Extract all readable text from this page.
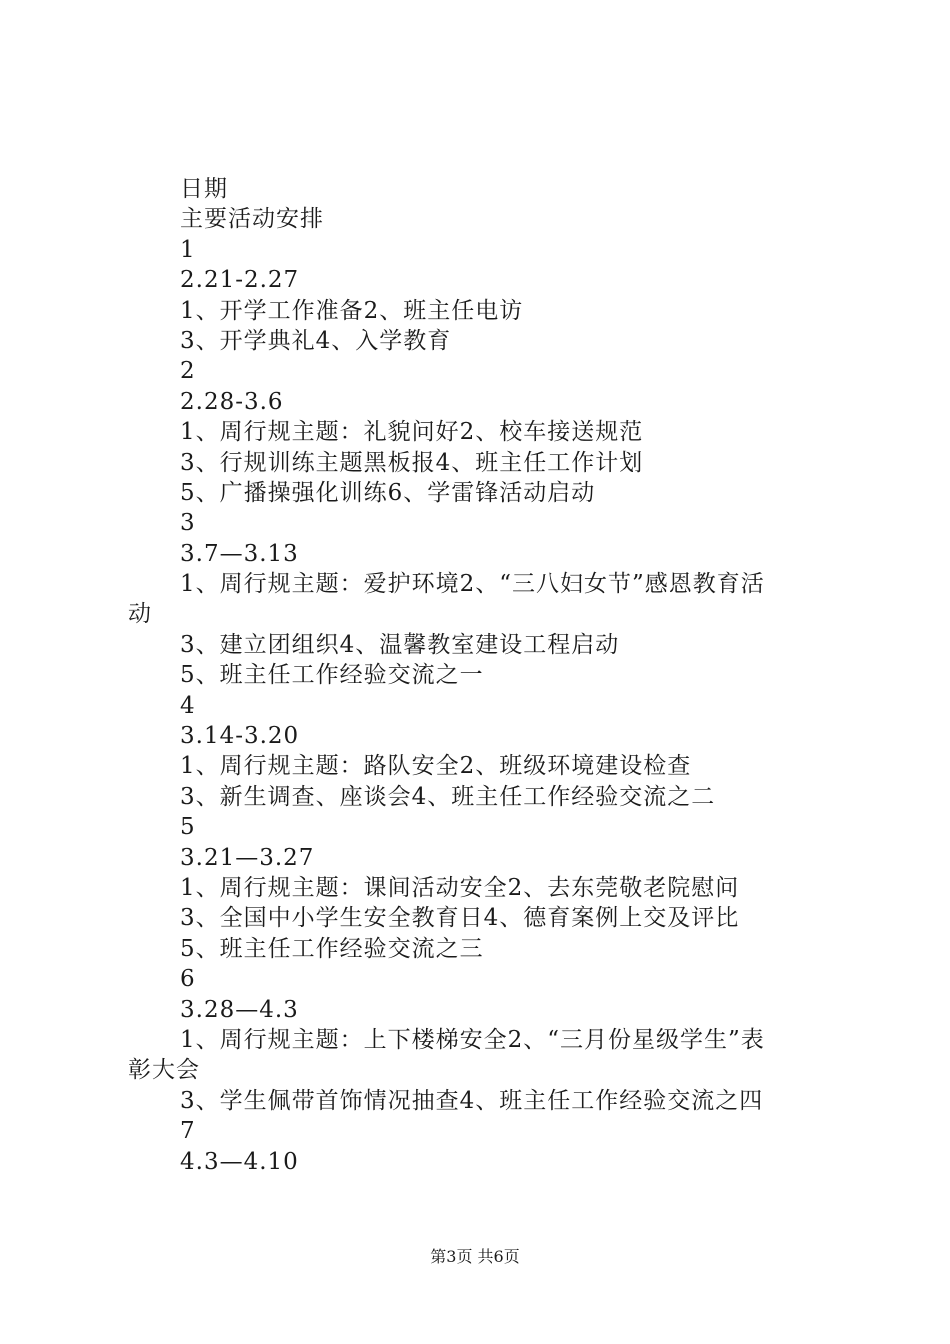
日期
主要活动安排
1
2.21-2.27
1、开学工作准备2、班主任电访
3、开学典礼4、入学教育
2
2.28-3.6
1、周行规主题：礼貌问好2、校车接送规范
3、行规训练主题黑板报4、班主任工作计划
5、广播操强化训练6、学雷锋活动启动
3
3.7—3.13
1、周行规主题：爱护环境2、“三八妇女节”感恩教育活
动
3、建立团组织4、温馨教室建设工程启动
5、班主任工作经验交流之一
4
3.14-3.20
1、周行规主题：路队安全2、班级环境建设检查
3、新生调查、座谈会4、班主任工作经验交流之二
5
3.21—3.27
1、周行规主题：课间活动安全2、去东莞敬老院慰问
3、全国中小学生安全教育日4、德育案例上交及评比
5、班主任工作经验交流之三
6
3.28—4.3
1、周行规主题：上下楼梯安全2、“三月份星级学生”表
彰大会
3、学生佩带首饰情况抽查4、班主任工作经验交流之四
7
4.3—4.10
第3页 共6页
